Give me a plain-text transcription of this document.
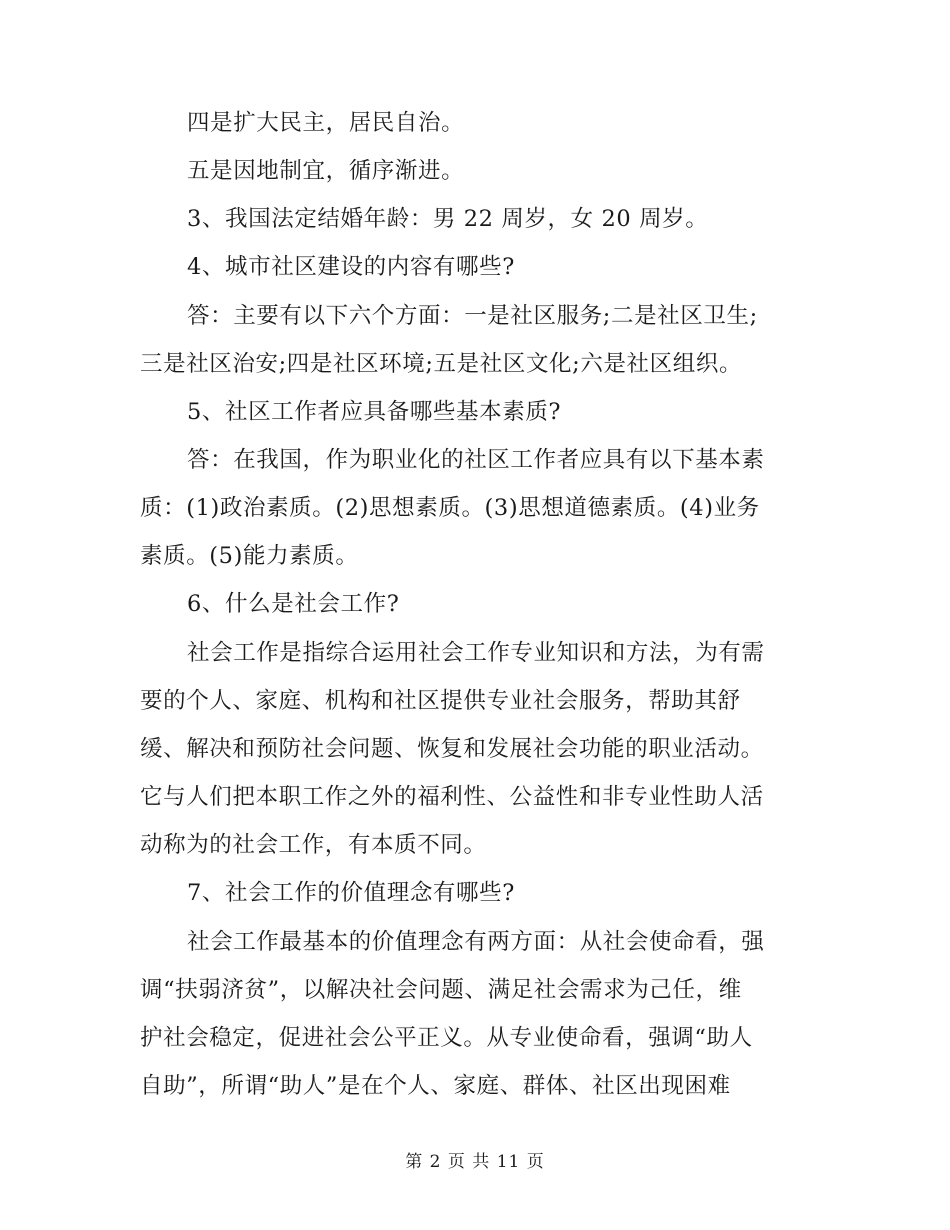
四是扩大民主，居民自治。

五是因地制宜，循序渐进。

3、我国法定结婚年龄：男 22 周岁，女 20 周岁。

4、城市社区建设的内容有哪些?

答：主要有以下六个方面：一是社区服务;二是社区卫生;

三是社区治安;四是社区环境;五是社区文化;六是社区组织。

5、社区工作者应具备哪些基本素质?

答：在我国，作为职业化的社区工作者应具有以下基本素

质：(1)政治素质。(2)思想素质。(3)思想道德素质。(4)业务

素质。(5)能力素质。

6、什么是社会工作?

社会工作是指综合运用社会工作专业知识和方法，为有需

要的个人、家庭、机构和社区提供专业社会服务，帮助其舒

缓、解决和预防社会问题、恢复和发展社会功能的职业活动。

它与人们把本职工作之外的福利性、公益性和非专业性助人活

动称为的社会工作，有本质不同。

7、社会工作的价值理念有哪些?

社会工作最基本的价值理念有两方面：从社会使命看，强

调“扶弱济贫”，以解决社会问题、满足社会需求为己任，维

护社会稳定，促进社会公平正义。从专业使命看，强调“助人

自助”，所谓“助人”是在个人、家庭、群体、社区出现困难

第 2 页 共 11 页
